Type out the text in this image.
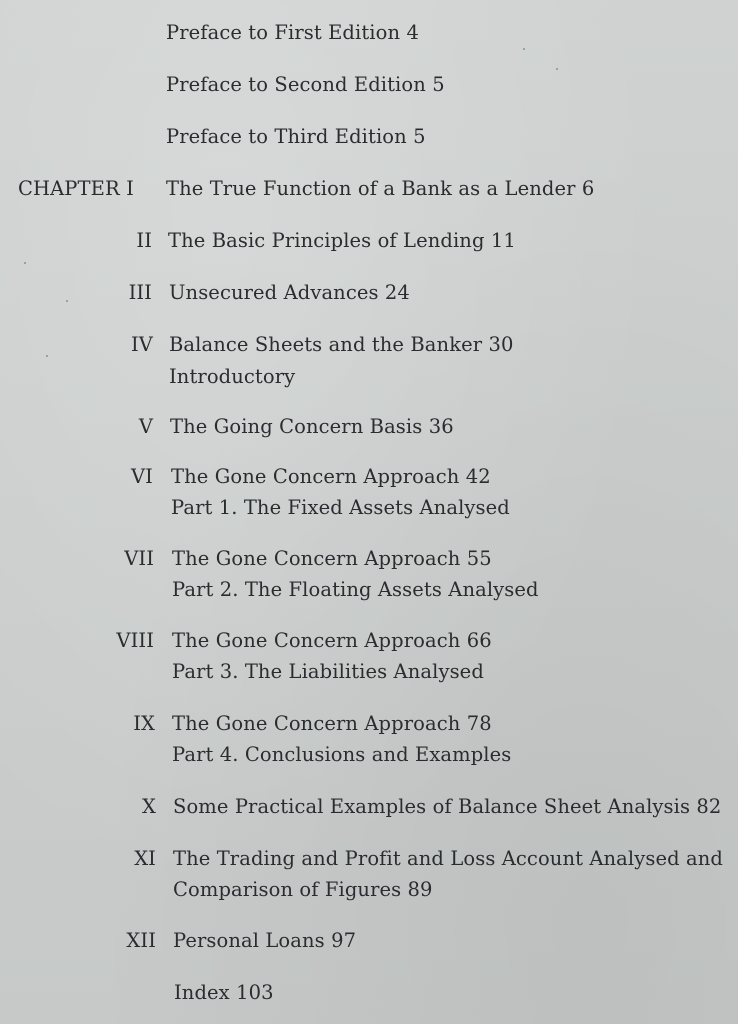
Preface to First Edition 4
Preface to Second Edition 5
Preface to Third Edition 5
CHAPTER I The True Function of a Bank as a Lender 6
II The Basic Principles of Lending 11
III Unsecured Advances 24
IV Balance Sheets and the Banker 30
Introductory
V The Going Concern Basis 36
VI The Gone Concern Approach 42
Part 1. The Fixed Assets Analysed
VII The Gone Concern Approach 55
Part 2. The Floating Assets Analysed
VIII The Gone Concern Approach 66
Part 3. The Liabilities Analysed
IX The Gone Concern Approach 78
Part 4. Conclusions and Examples
X Some Practical Examples of Balance Sheet Analysis 82
XI The Trading and Profit and Loss Account Analysed and
Comparison of Figures 89
XII Personal Loans 97
Index 103
